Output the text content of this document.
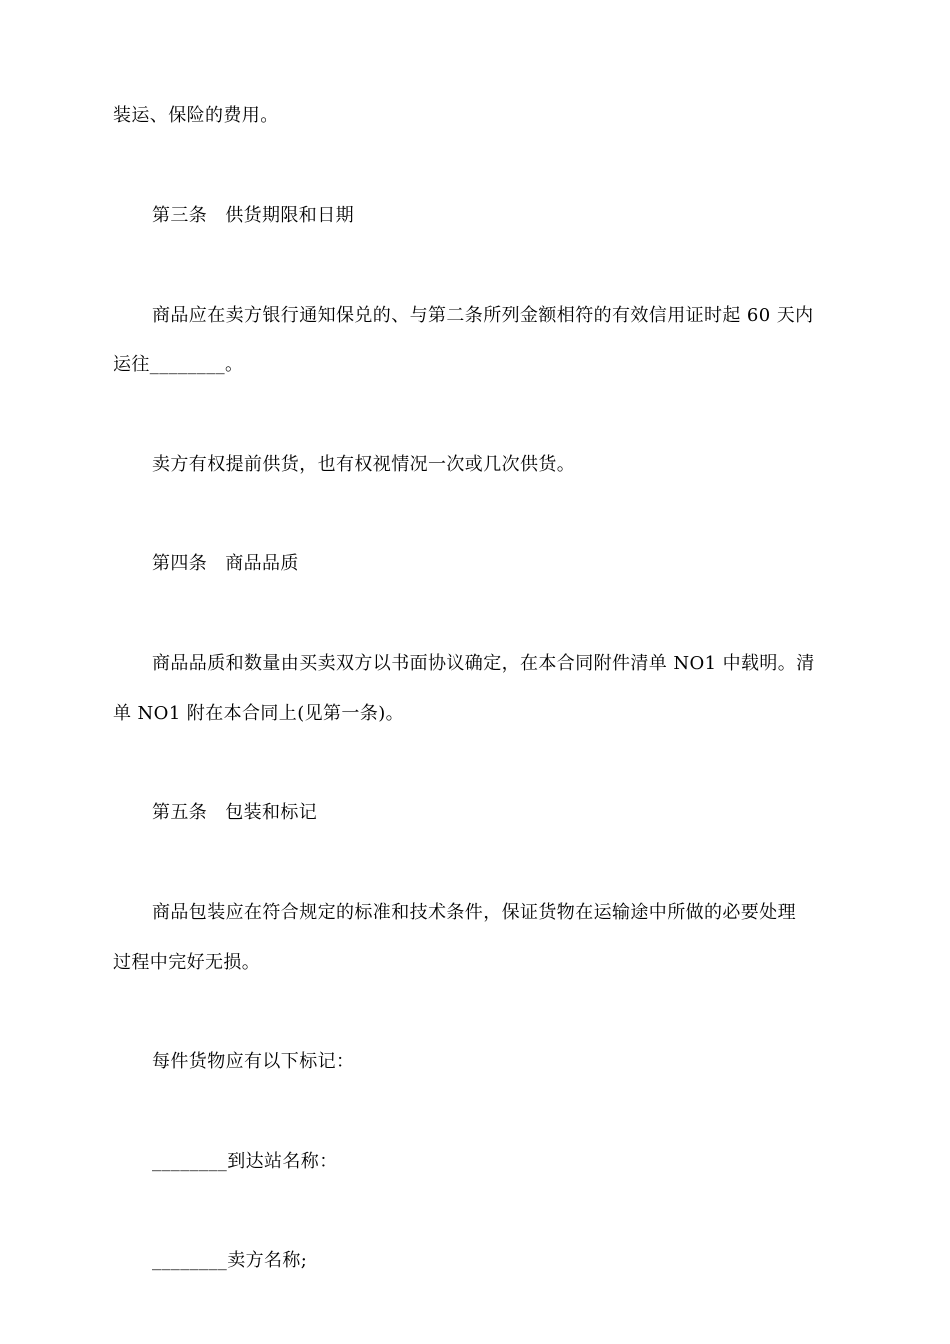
装运、保险的费用。
第三条 供货期限和日期
商品应在卖方银行通知保兑的、与第二条所列金额相符的有效信用证时起 60 天内
运往________。
卖方有权提前供货，也有权视情况一次或几次供货。
第四条 商品品质
商品品质和数量由买卖双方以书面协议确定，在本合同附件清单 NO1 中载明。清
单 NO1 附在本合同上(见第一条)。
第五条 包装和标记
商品包装应在符合规定的标准和技术条件，保证货物在运输途中所做的必要处理
过程中完好无损。
每件货物应有以下标记：
________到达站名称：
________卖方名称;
